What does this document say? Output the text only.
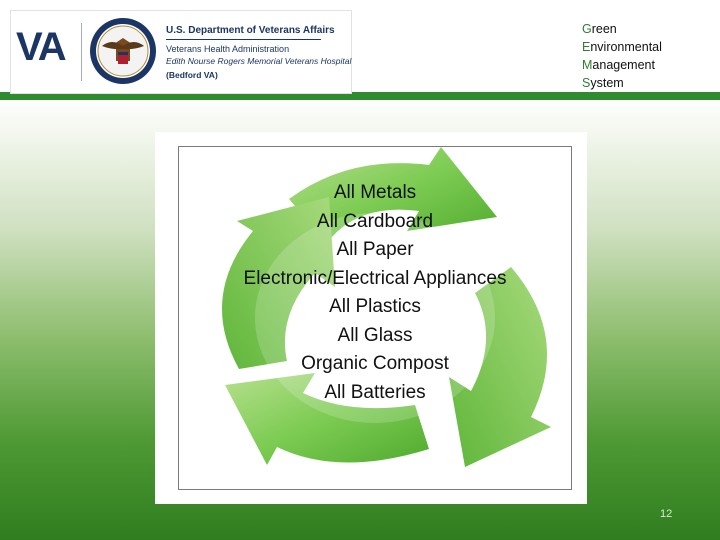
VA	U.S. Department of Veterans Affairs
Veterans Health Administration
Edith Nourse Rogers Memorial Veterans Hospital
(Bedford VA)
Green
Environmental
Management
System
All Metals
All Cardboard
All Paper
Electronic/Electrical Appliances
All Plastics
All Glass
Organic Compost
All Batteries
12
